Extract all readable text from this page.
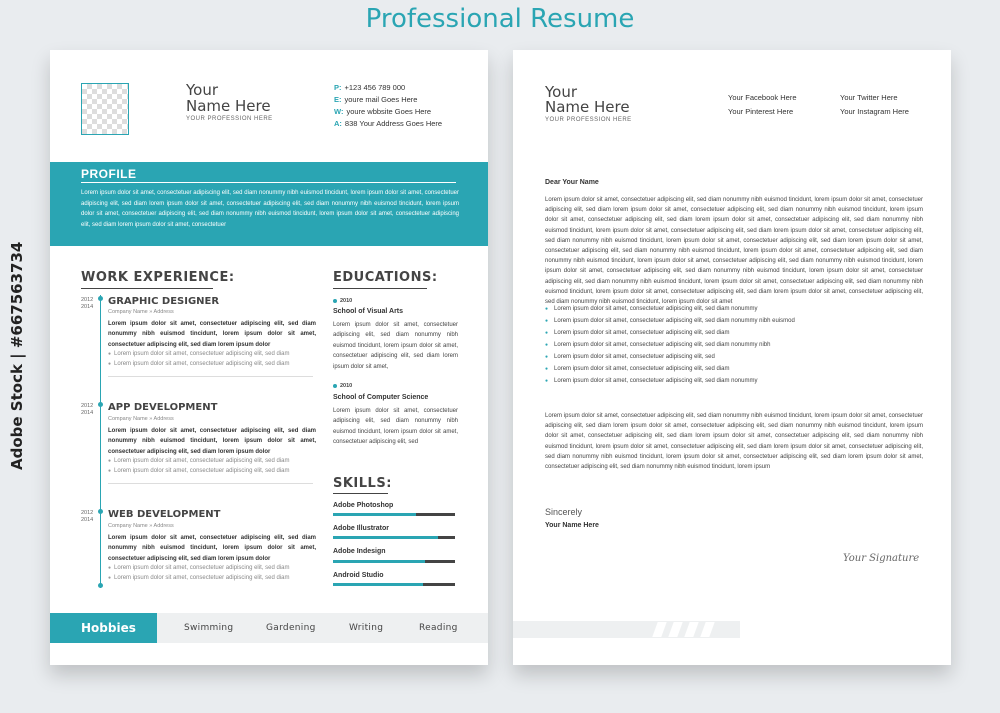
Professional Resume
Adobe Stock | #667563734
Your
Name Here
YOUR PROFESSION HERE
P: +123 456 789 000
E: youre mail Goes Here
W: youre wbbsite Goes Here
A: 838 Your Address Goes Here
PROFILE
Lorem ipsum dolor sit amet, consectetuer adipiscing elit, sed diam nonummy nibh euismod tincidunt, lorem ipsum dolor sit amet, consectetuer adipiscing elit, sed diam lorem ipsum dolor sit amet, consectetuer adipiscing elit, sed diam nonummy nibh euismod tincidunt, lorem ipsum dolor sit amet, consectetuer adipiscing elit, sed diam nonummy nibh euismod tincidunt, lorem ipsum dolor sit amet, consectetuer adipiscing elit, sed diam lorem ipsum dolor sit amet, consectetuer
WORK EXPERIENCE:
2012
2014 GRAPHIC DESIGNER
Company Name » Address
Lorem ipsum dolor sit amet, consectetuer adipiscing elit, sed diam nonummy nibh euismod tincidunt, lorem ipsum dolor sit amet, consectetuer adipiscing elit, sed diam lorem ipsum dolor
● Lorem ipsum dolor sit amet, consectetuer adipiscing elit, sed diam
● Lorem ipsum dolor sit amet, consectetuer adipiscing elit, sed diam
2012
2014 APP DEVELOPMENT
Company Name » Address
Lorem ipsum dolor sit amet, consectetuer adipiscing elit, sed diam nonummy nibh euismod tincidunt, lorem ipsum dolor sit amet, consectetuer adipiscing elit, sed diam lorem ipsum dolor
● Lorem ipsum dolor sit amet, consectetuer adipiscing elit, sed diam
● Lorem ipsum dolor sit amet, consectetuer adipiscing elit, sed diam
2012
2014 WEB DEVELOPMENT
Company Name » Address
Lorem ipsum dolor sit amet, consectetuer adipiscing elit, sed diam nonummy nibh euismod tincidunt, lorem ipsum dolor sit amet, consectetuer adipiscing elit, sed diam lorem ipsum dolor
● Lorem ipsum dolor sit amet, consectetuer adipiscing elit, sed diam
● Lorem ipsum dolor sit amet, consectetuer adipiscing elit, sed diam
EDUCATIONS:
2010
School of Visual Arts
Lorem ipsum dolor sit amet, consectetuer adipiscing elit, sed diam nonummy nibh euismod tincidunt, lorem ipsum dolor sit amet, consectetuer adipiscing elit, sed diam lorem ipsum dolor sit amet,
2010
School of Computer Science
Lorem ipsum dolor sit amet, consectetuer adipiscing elit, sed diam nonummy nibh euismod tincidunt, lorem ipsum dolor sit amet, consectetuer adipiscing elit, sed
SKILLS:
Adobe Photoshop
Adobe Illustrator
Adobe Indesign
Android Studio
Hobbies	Swimming	Gardening	Writing	Reading
Your
Name Here
YOUR PROFESSION HERE
Your Facebook Here	Your Twitter Here
Your Pinterest Here	Your Instagram Here
Dear Your Name
Lorem ipsum dolor sit amet, consectetuer adipiscing elit, sed diam nonummy nibh euismod tincidunt, lorem ipsum dolor sit amet, consectetuer adipiscing elit, sed diam lorem ipsum dolor sit amet, consectetuer adipiscing elit, sed diam nonummy nibh euismod tincidunt, lorem ipsum dolor sit amet, consectetuer adipiscing elit, sed diam lorem ipsum dolor sit amet, consectetuer adipiscing elit, sed diam nonummy nibh euismod tincidunt, lorem ipsum dolor sit amet, consectetuer adipiscing elit, sed diam lorem ipsum dolor sit amet, consectetuer adipiscing elit, sed diam nonummy nibh euismod tincidunt, lorem ipsum dolor sit amet, consectetuer adipiscing elit, sed diam lorem ipsum dolor sit amet, consectetuer adipiscing elit, sed diam nonummy nibh euismod tincidunt, lorem ipsum dolor sit amet, consectetuer adipiscing elit, sed diam nonummy nibh euismod tincidunt, lorem ipsum dolor sit amet, consectetuer adipiscing elit, sed diam nonummy nibh euismod tincidunt, lorem ipsum dolor sit amet, consectetuer adipiscing elit, sed diam nonummy nibh euismod tincidunt, lorem ipsum dolor sit amet, consectetuer adipiscing elit, sed diam nonummy nibh euismod tincidunt, lorem ipsum dolor sit amet, consectetuer adipiscing elit, sed diam nonummy nibh euismod tincidunt, lorem ipsum dolor sit amet, consectetuer adipiscing elit, sed diam lorem ipsum dolor sit amet, consectetuer adipiscing elit, sed diam nonummy nibh euismod tincidunt, lorem ipsum dolor sit amet
● Lorem ipsum dolor sit amet, consectetuer adipiscing elit, sed diam nonummy
● Lorem ipsum dolor sit amet, consectetuer adipiscing elit, sed diam nonummy nibh euismod
● Lorem ipsum dolor sit amet, consectetuer adipiscing elit, sed diam
● Lorem ipsum dolor sit amet, consectetuer adipiscing elit, sed diam nonummy nibh
● Lorem ipsum dolor sit amet, consectetuer adipiscing elit, sed
● Lorem ipsum dolor sit amet, consectetuer adipiscing elit, sed diam
● Lorem ipsum dolor sit amet, consectetuer adipiscing elit, sed diam nonummy
Lorem ipsum dolor sit amet, consectetuer adipiscing elit, sed diam nonummy nibh euismod tincidunt, lorem ipsum dolor sit amet, consectetuer adipiscing elit, sed diam lorem ipsum dolor sit amet, consectetuer adipiscing elit, sed diam nonummy nibh euismod tincidunt, lorem ipsum dolor sit amet, consectetuer adipiscing elit, sed diam lorem ipsum dolor sit amet, consectetuer adipiscing elit, sed diam nonummy nibh euismod tincidunt, lorem ipsum dolor sit amet, consectetuer adipiscing elit, sed diam lorem ipsum dolor sit amet, consectetuer adipiscing elit, sed diam nonummy nibh euismod tincidunt, lorem ipsum dolor sit amet, consectetuer adipiscing elit, sed diam lorem ipsum dolor sit amet, consectetuer adipiscing elit, sed diam nonummy nibh euismod tincidunt, lorem ipsum
Sincerely
Your Name Here
Your Signature
